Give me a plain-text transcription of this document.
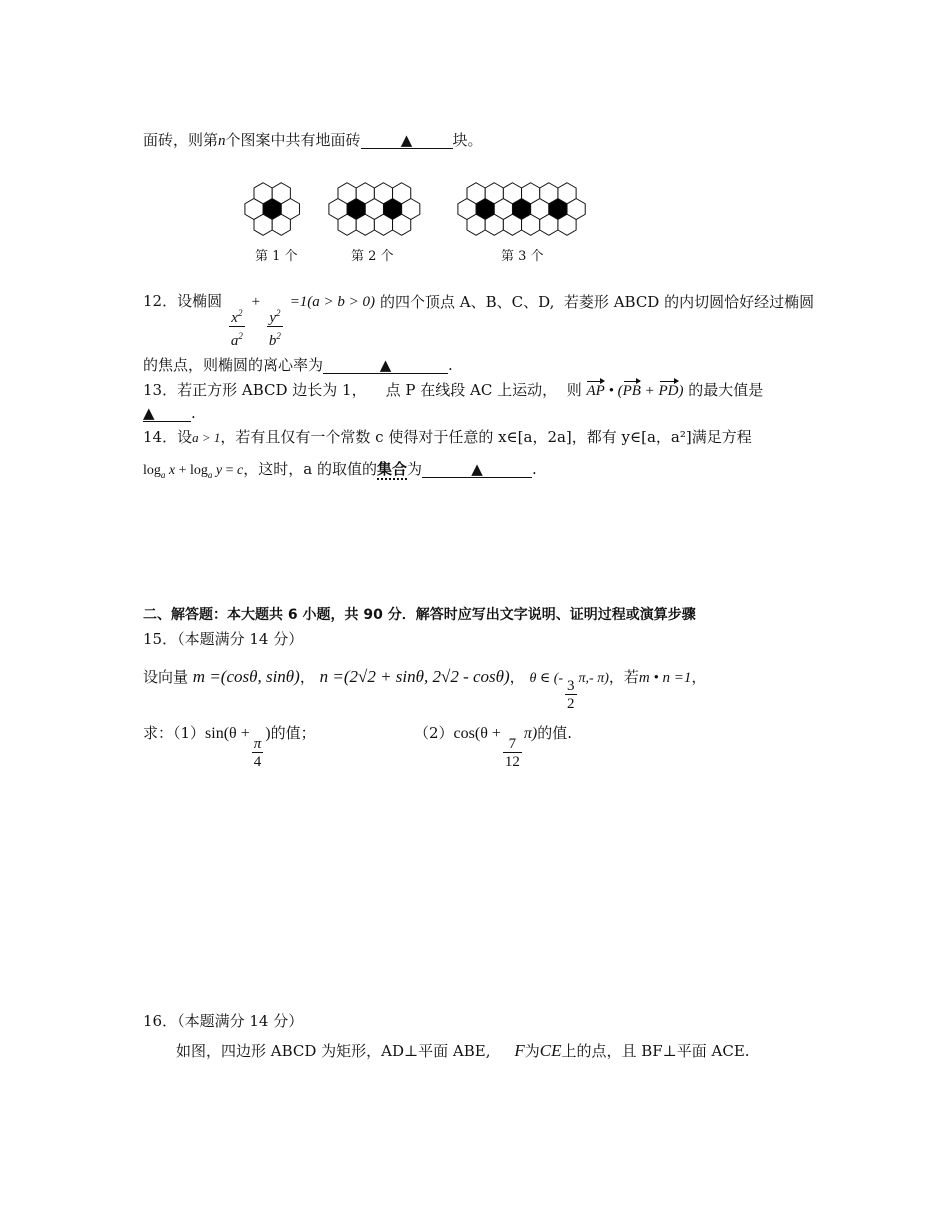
面砖，则第n个图案中共有地面砖	▲	块。
第 1 个	第 2 个	第 3 个
12．设椭圆
$\frac{x^2}{a^2}$
+
$\frac{y^2}{b^2}$
=1(a > b > 0) 的四个顶点 A、B、C、D, 若菱形 ABCD 的内切圆恰好经过椭圆
的焦点，则椭圆的离心率为	▲	.
13．若正方形 ABCD 边长为 1， 点 P 在线段 AC 上运动， 则 AP • (PB + PD) 的最大值是
▲ .
14．设a > 1，若有且仅有一个常数 c 使得对于任意的 x∈[a，2a]，都有 y∈[a，a²]满足方程
$\log_a x + \log_a y = c$，这时，a 的取值的集合为	▲	.
二、解答题：本大题共 6 小题，共 90 分．解答时应写出文字说明、证明过程或演算步骤
15．（本题满分 14 分）
设向量 m =(cosθ, sinθ)， n =(2√2 + sinθ, 2√2 - cosθ)， θ ∈ (- $\frac{3}{2} \pi,-$ π)，若m • n =1，
求：（1）sin(θ +
$\frac{\pi}{4}$
)的值；	（2）cos(θ +
$\frac{7}{12}$
π)的值.
16．（本题满分 14 分）
如图，四边形 ABCD 为矩形，AD⊥平面 ABE, F为CE上的点，且 BF⊥平面 ACE.
